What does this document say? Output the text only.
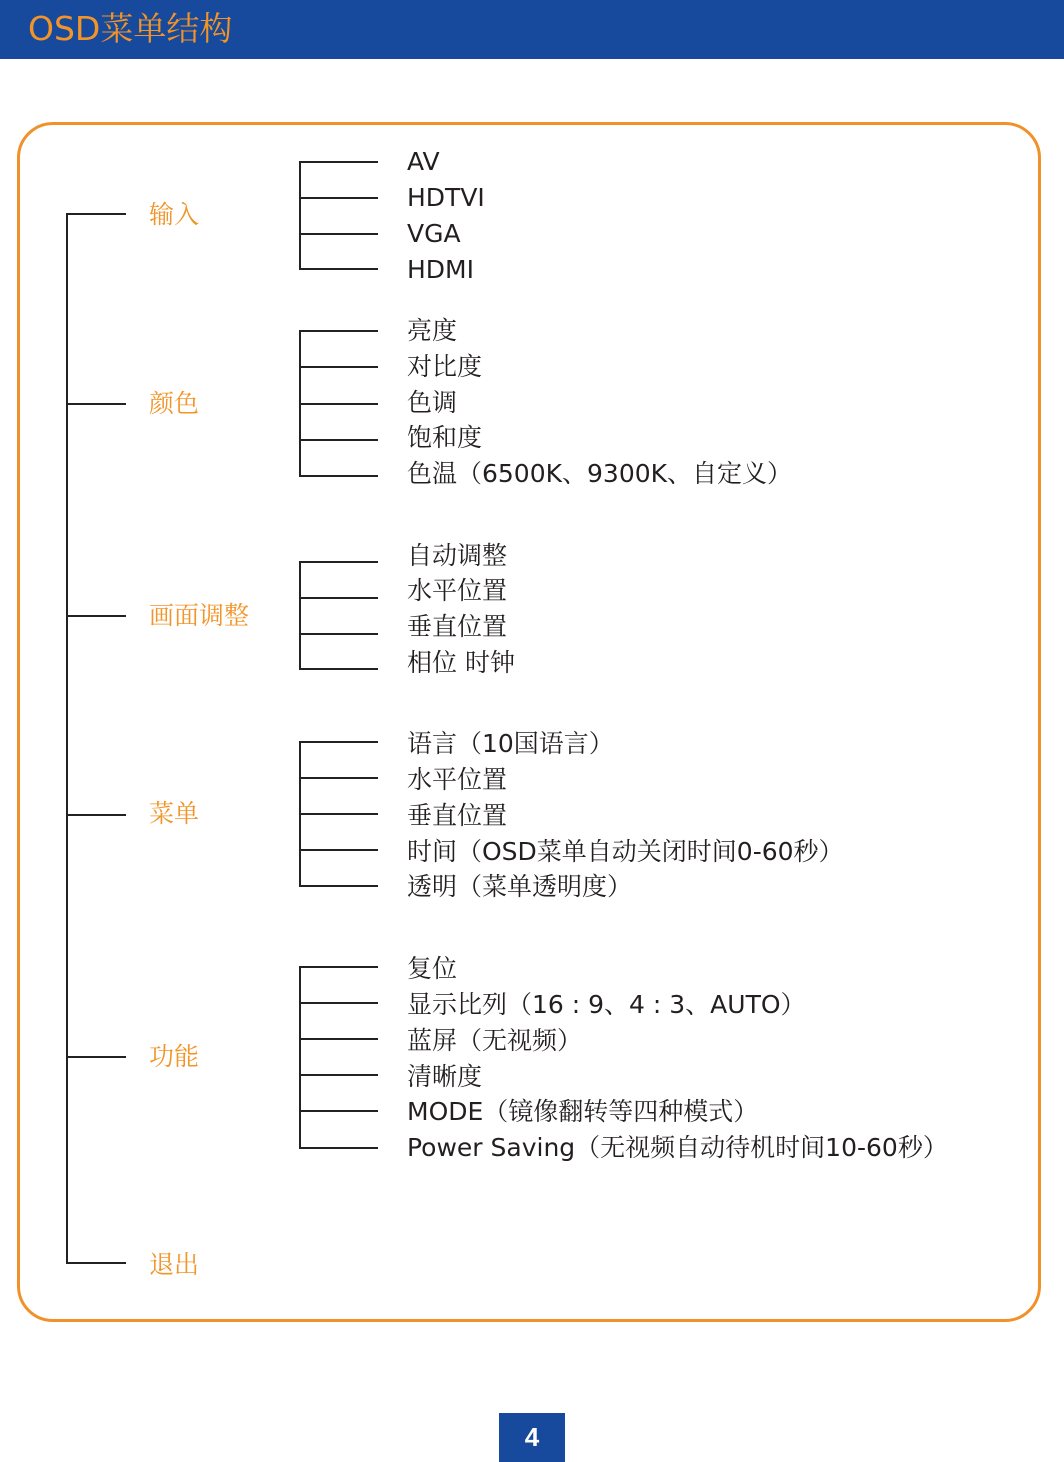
OSD菜单结构
输入
AV
HDTVI
VGA
HDMI
颜色
亮度
对比度
色调
饱和度
色温（6500K、9300K、自定义）
画面调整
自动调整
水平位置
垂直位置
相位 时钟
菜单
语言（10国语言）
水平位置
垂直位置
时间（OSD菜单自动关闭时间0-60秒）
透明（菜单透明度）
功能
复位
显示比列（16 : 9、4 : 3、AUTO）
蓝屏（无视频）
清晰度
MODE（镜像翻转等四种模式）
Power Saving（无视频自动待机时间10-60秒）
退出
4
